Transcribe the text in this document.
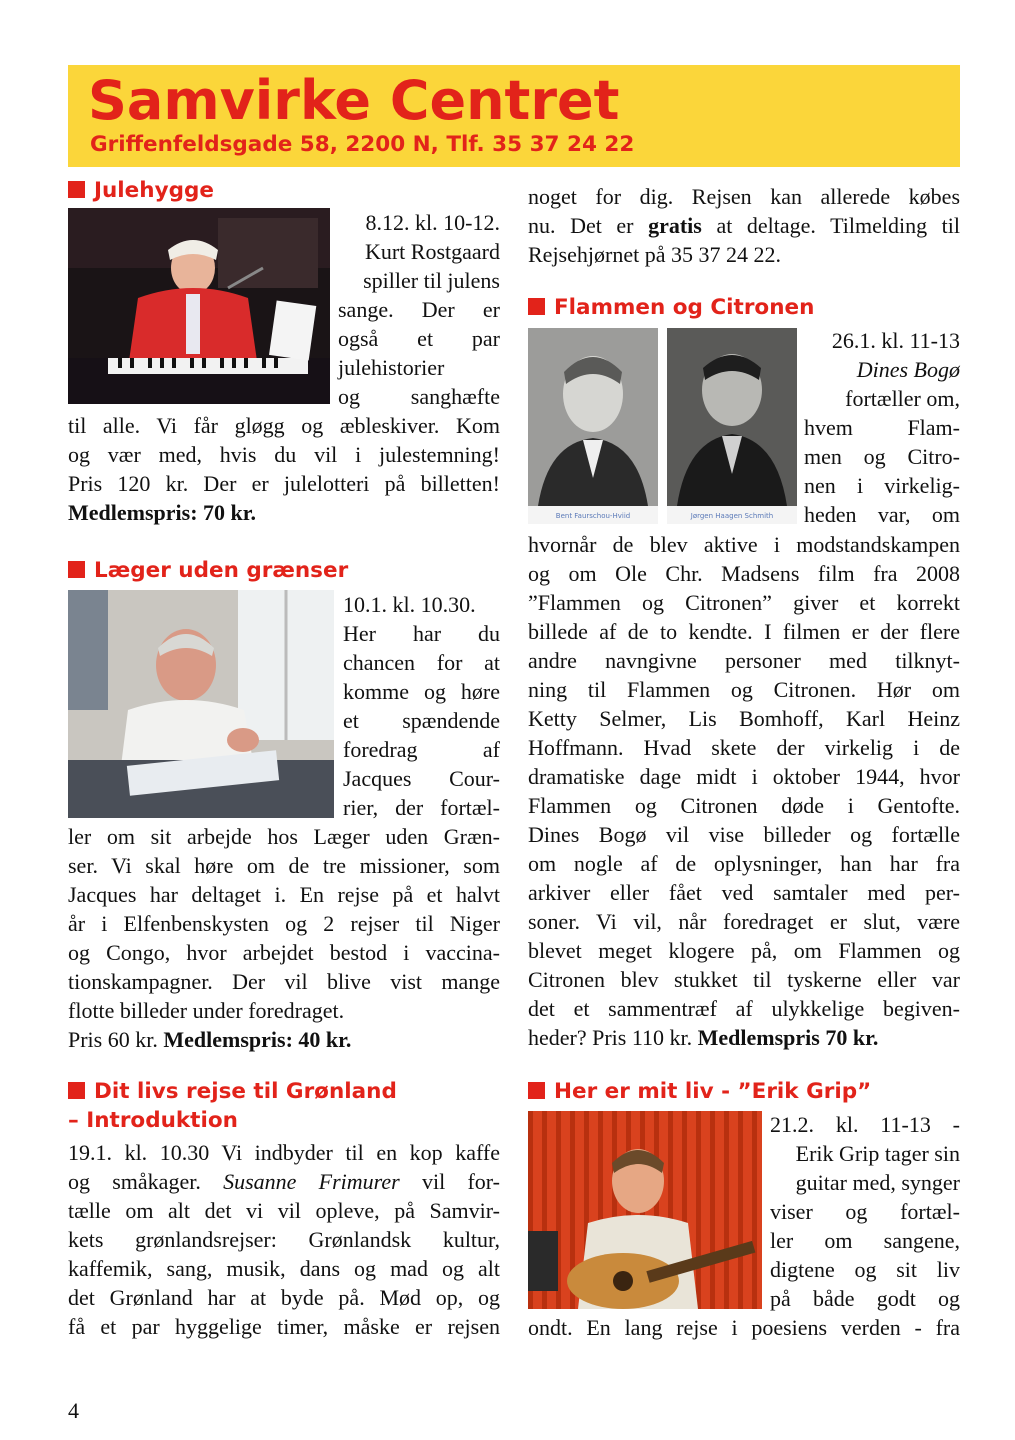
Samvirke Centret

Griffenfeldsgade 58, 2200 N, Tlf. 35 37 24 22

Julehygge
8.12. kl. 10-12.
Kurt Rostgaard
spiller til julens
sange. Der er
også et par
julehistorier
og sanghæfte
til alle. Vi får gløgg og æbleskiver. Kom
og vær med, hvis du vil i julestemning!
Pris 120 kr. Der er julelotteri på billetten!
Medlemspris: 70 kr.
Læger uden grænser
10.1. kl. 10.30.
Her har du
chancen for at
komme og høre
et spændende
foredrag af
Jacques Cour-
rier, der fortæl-
ler om sit arbejde hos Læger uden Græn-
ser. Vi skal høre om de tre missioner, som
Jacques har deltaget i. En rejse på et halvt
år i Elfenbenskysten og 2 rejser til Niger
og Congo, hvor arbejdet bestod i vaccina-
tionskampagner. Der vil blive vist mange
flotte billeder under foredraget.
Pris 60 kr. Medlemspris: 40 kr.
Dit livs rejse til Grønland
– Introduktion
19.1. kl. 10.30 Vi indbyder til en kop kaffe
og småkager. Susanne Frimurer vil for-
tælle om alt det vi vil opleve, på Samvir-
kets grønlandsrejser: Grønlandsk kultur,
kaffemik, sang, musik, dans og mad og alt
det Grønland har at byde på. Mød op, og
få et par hyggelige timer, måske er rejsen

4

noget for dig. Rejsen kan allerede købes
nu. Det er gratis at deltage. Tilmelding til
Rejsehjørnet på 35 37 24 22.
Flammen og Citronen
Bent Faurschou-Hviid	Jørgen Haagen Schmith
26.1. kl. 11-13
Dines Bogø
fortæller om,
hvem Flam-
men og Citro-
nen i virkelig-
heden var, om
hvornår de blev aktive i modstandskampen
og om Ole Chr. Madsens film fra 2008
”Flammen og Citronen” giver et korrekt
billede af de to kendte. I filmen er der flere
andre navngivne personer med tilknyt-
ning til Flammen og Citronen. Hør om
Ketty Selmer, Lis Bomhoff, Karl Heinz
Hoffmann. Hvad skete der virkelig i de
dramatiske dage midt i oktober 1944, hvor
Flammen og Citronen døde i Gentofte.
Dines Bogø vil vise billeder og fortælle
om nogle af de oplysninger, han har fra
arkiver eller fået ved samtaler med per-
soner. Vi vil, når foredraget er slut, være
blevet meget klogere på, om Flammen og
Citronen blev stukket til tyskerne eller var
det et sammentræf af ulykkelige begiven-
heder? Pris 110 kr. Medlemspris 70 kr.
Her er mit liv - ”Erik Grip”
21.2. kl. 11-13 -
Erik Grip tager sin
guitar med, synger
viser og fortæl-
ler om sangene,
digtene og sit liv
på både godt og
ondt. En lang rejse i poesiens verden - fra
